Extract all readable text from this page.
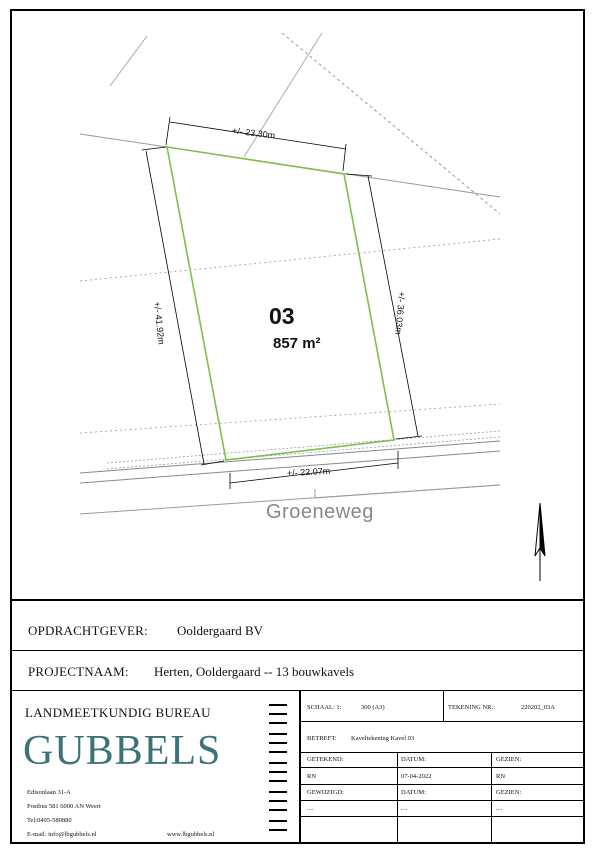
03
857 m²
Groeneweg
+/- 23.30m
+/- 22.07m
+/- 41.92m	+/- 36.03m
OPDRACHTGEVER: Ooldergaard BV
PROJECTNAAM: Herten, Ooldergaard -- 13 bouwkavels
LANDMEETKUNDIG BUREAU
GUBBELS
Edisonlaan 31-A
Postbus 581 6000 AN Weert
Tel:0495-580880
E-mail: info@lbgubbels.nl	www.lbgubbels.nl
SCHAAL: 1:	300 (A3)	TEKENING NR.:	220202_03A
BETREFT: Kaveltekening Kavel 03
GETEKEND:	DATUM:	GEZIEN:
RN	07-04-2022	RN
GEWIJZIGD:	DATUM:	GEZIEN:
....	....	....
